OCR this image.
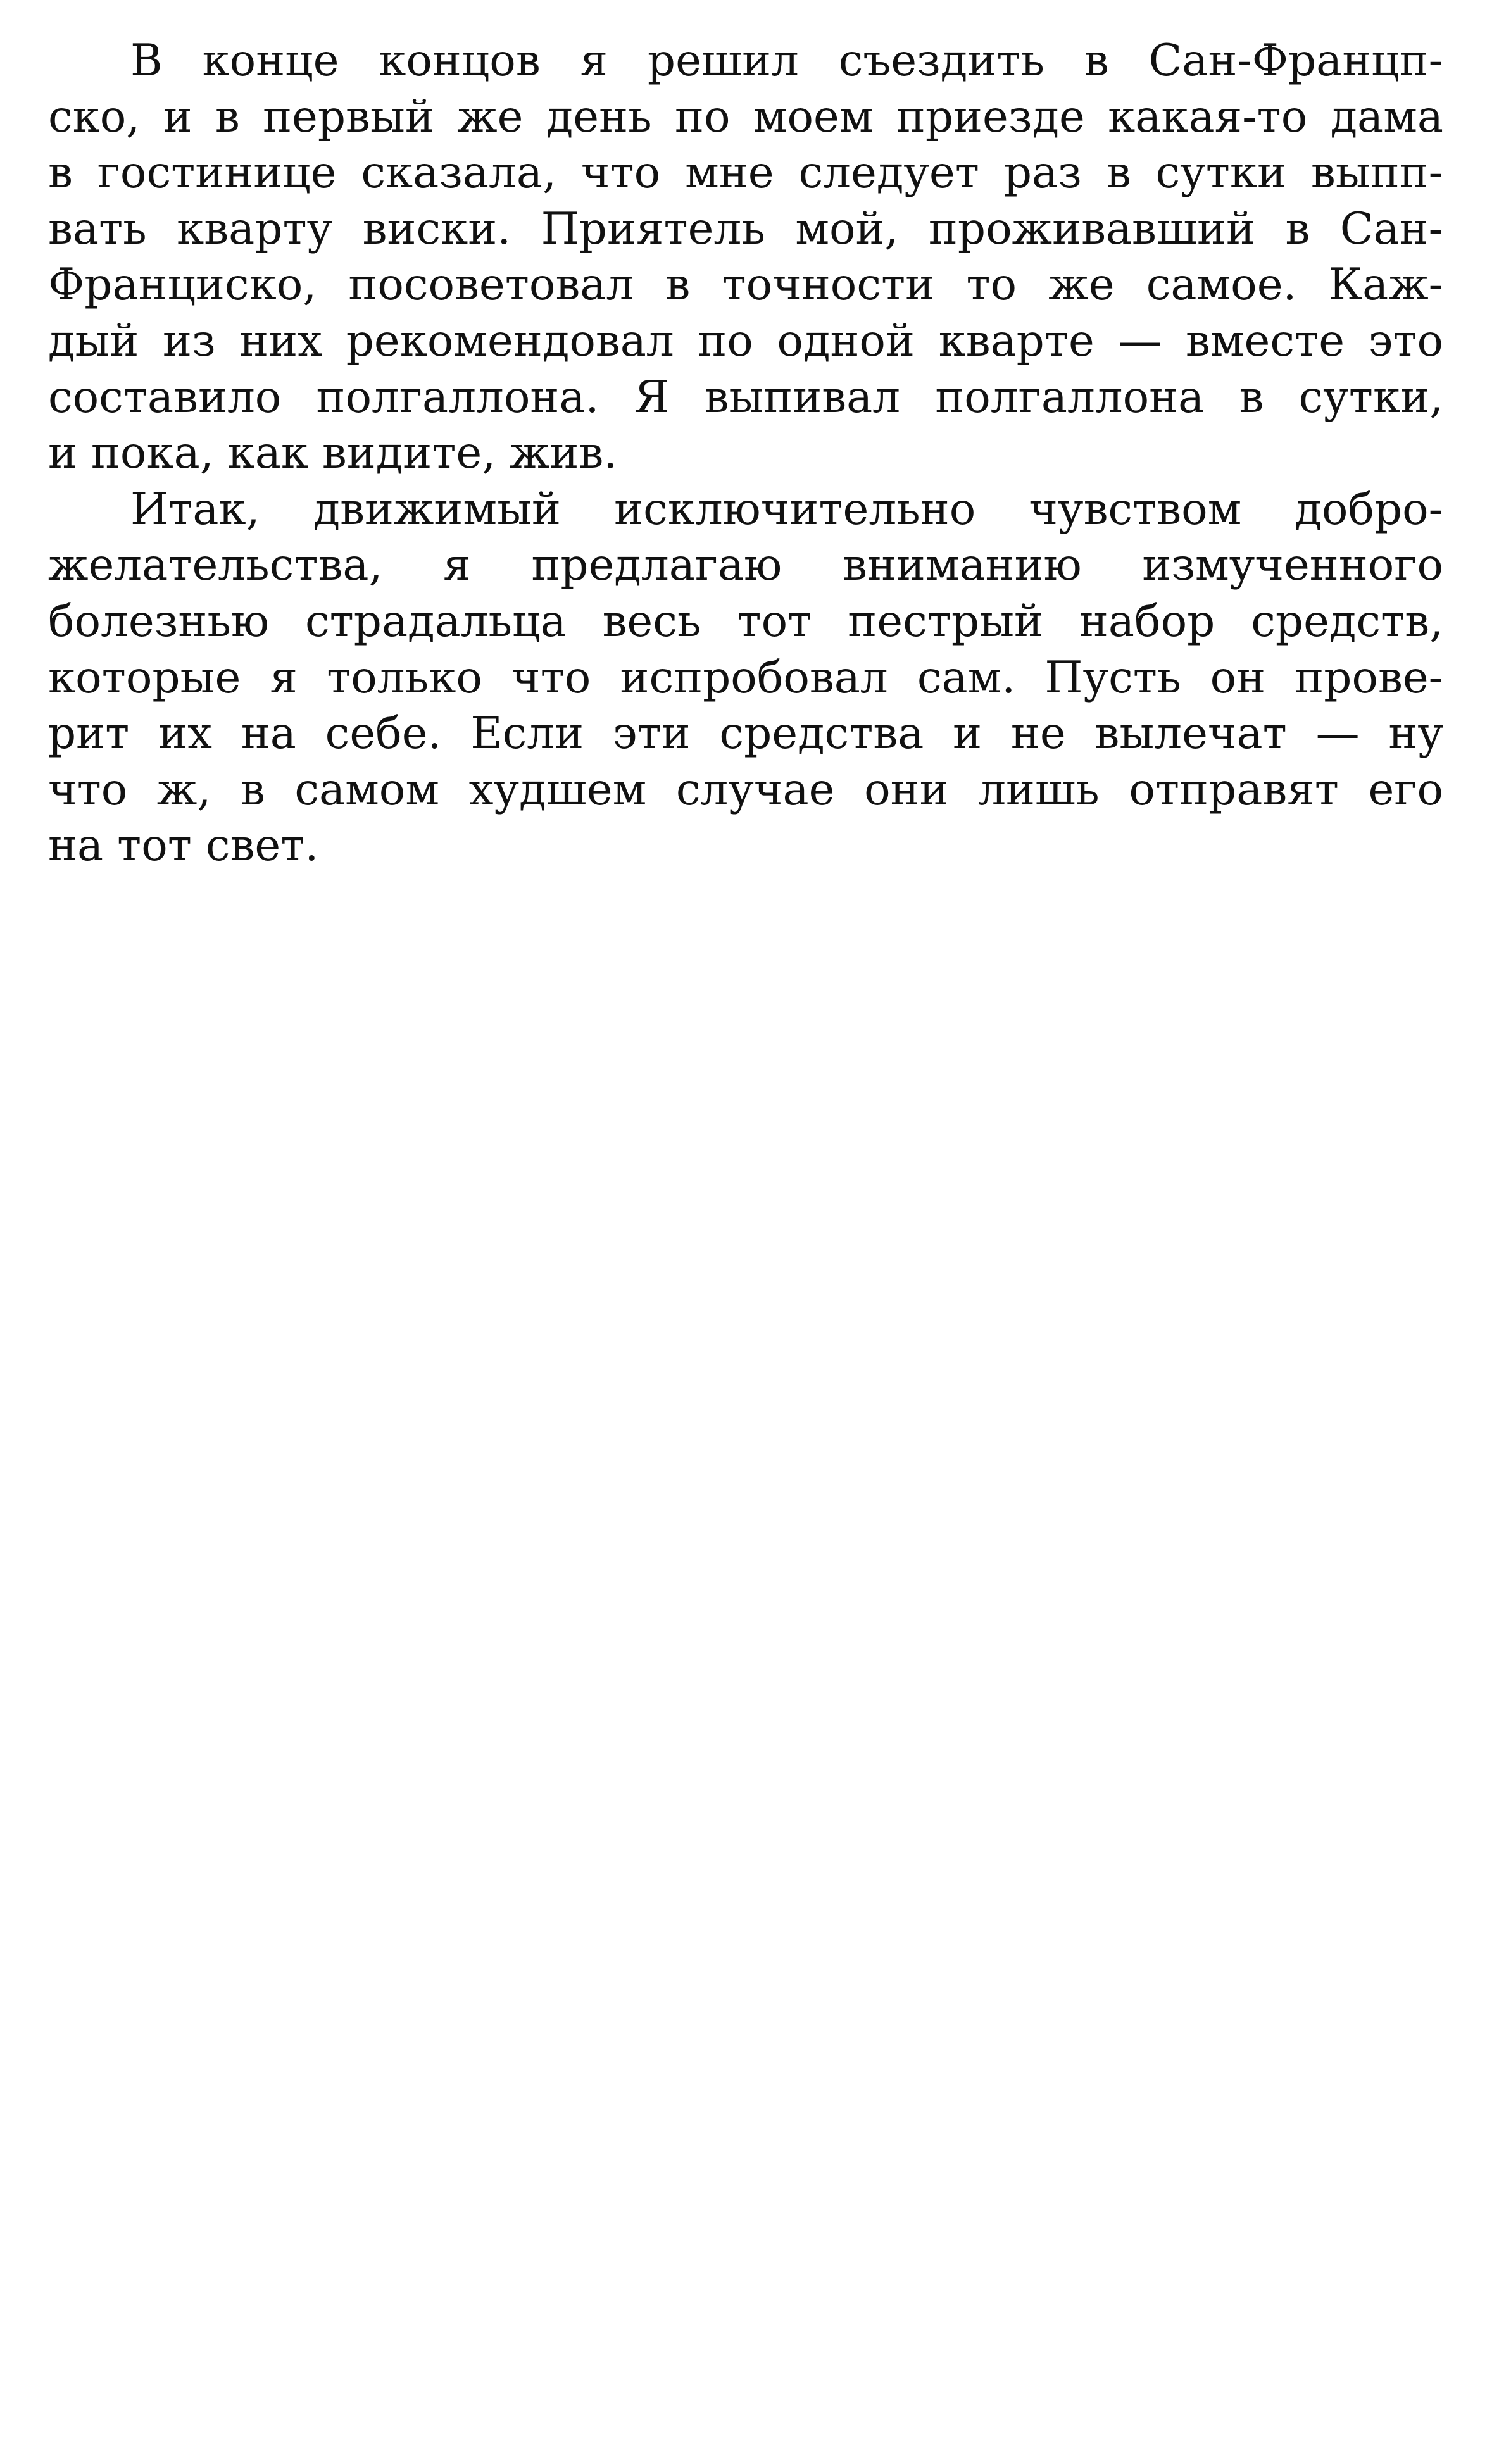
В концe концов я решил съездить в Сан-Францп-
ско, и в первый же день по моем приезде какая-то дама
в гостинице сказала, что мне следует раз в сутки выпп-
вать кварту виски. Приятель мой, проживавший в Сан-
Франциско, посоветовал в точности то же самое. Каж-
дый из них рекомендовал по одной кварте — вместе это
составило полгаллона. Я выпивал полгаллона в сутки,
и пока, как видите, жив.
Итак, движимый исключительно чувством добро-
желательства, я предлагаю вниманию измученного
болезнью страдальца весь тот пестрый набор средств,
которые я только что испробовал сам. Пусть он прове-
рит их на себе. Если эти средства и не вылечат — ну
что ж, в самом худшем случае они лишь отправят его
на тот свет.
